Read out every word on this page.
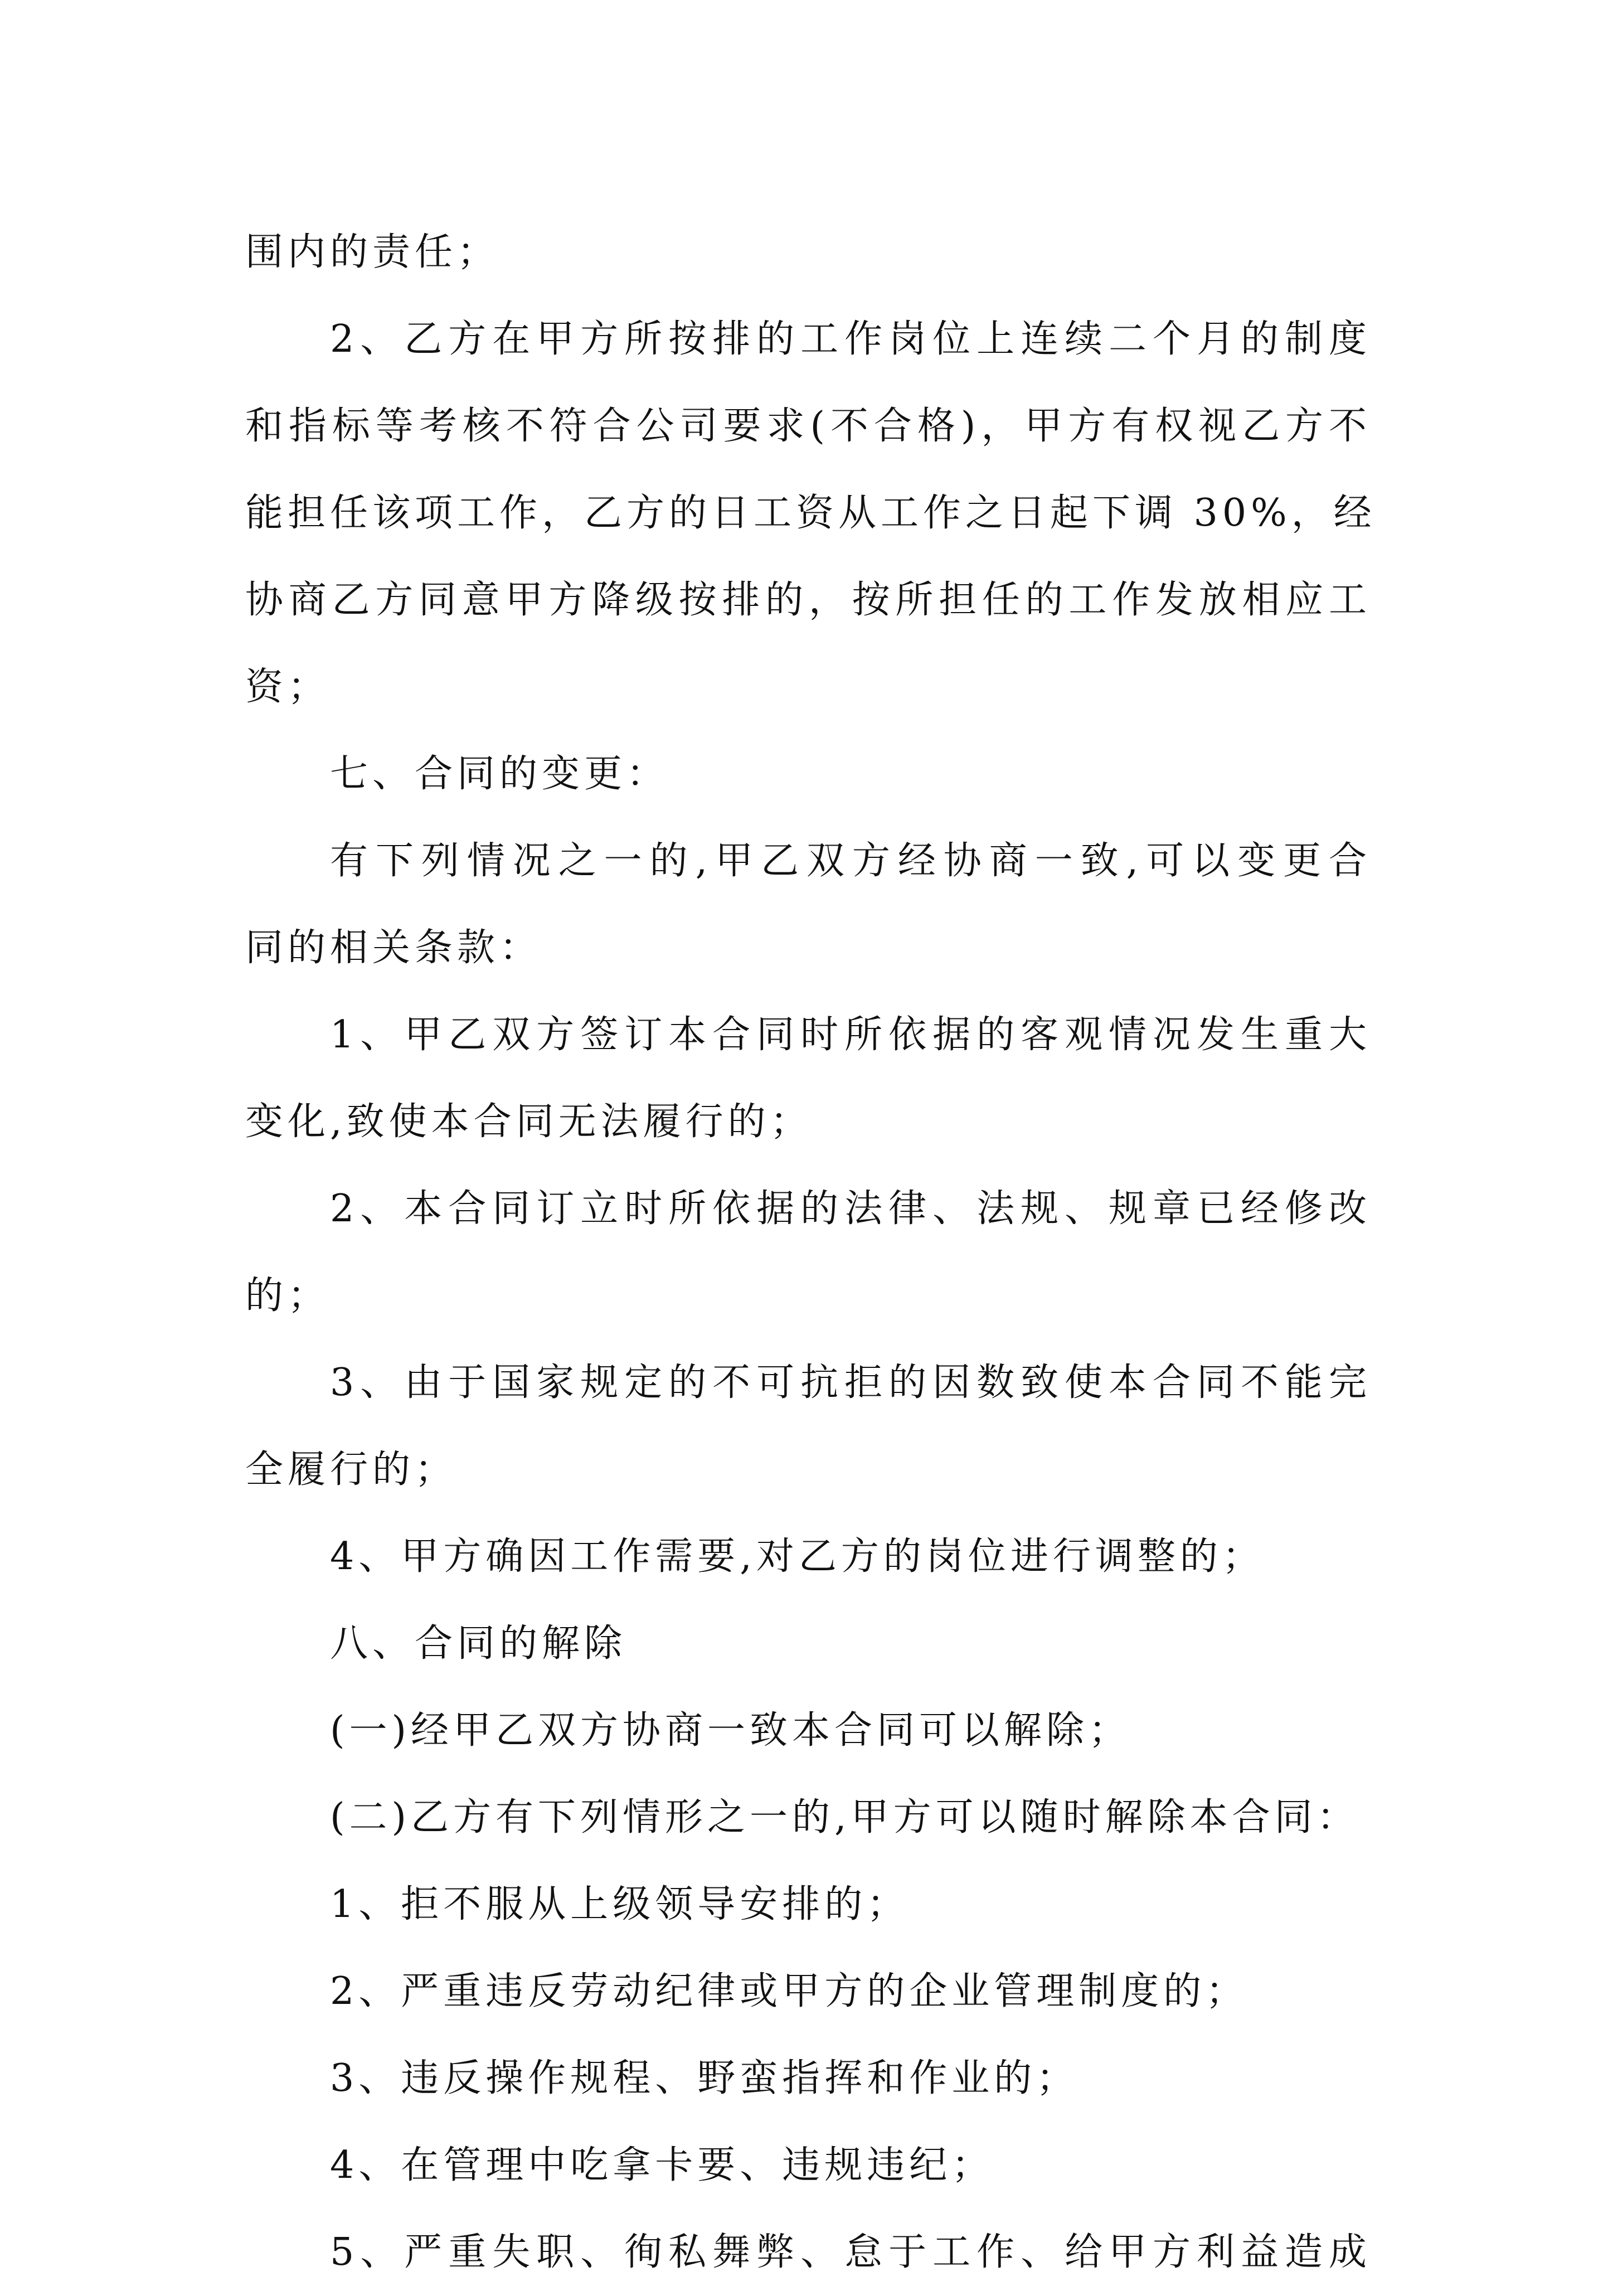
围内的责任；
2、乙方在甲方所按排的工作岗位上连续二个月的制度
和指标等考核不符合公司要求(不合格)，甲方有权视乙方不
能担任该项工作，乙方的日工资从工作之日起下调 30%，经
协商乙方同意甲方降级按排的，按所担任的工作发放相应工
资；
七、合同的变更：
有下列情况之一的,甲乙双方经协商一致,可以变更合
同的相关条款：
1、甲乙双方签订本合同时所依据的客观情况发生重大
变化,致使本合同无法履行的；
2、本合同订立时所依据的法律、法规、规章已经修改
的；
3、由于国家规定的不可抗拒的因数致使本合同不能完
全履行的；
4、甲方确因工作需要,对乙方的岗位进行调整的；
八、合同的解除
(一)经甲乙双方协商一致本合同可以解除；
(二)乙方有下列情形之一的,甲方可以随时解除本合同：
1、拒不服从上级领导安排的；
2、严重违反劳动纪律或甲方的企业管理制度的；
3、违反操作规程、野蛮指挥和作业的；
4、在管理中吃拿卡要、违规违纪；
5、严重失职、徇私舞弊、怠于工作、给甲方利益造成
